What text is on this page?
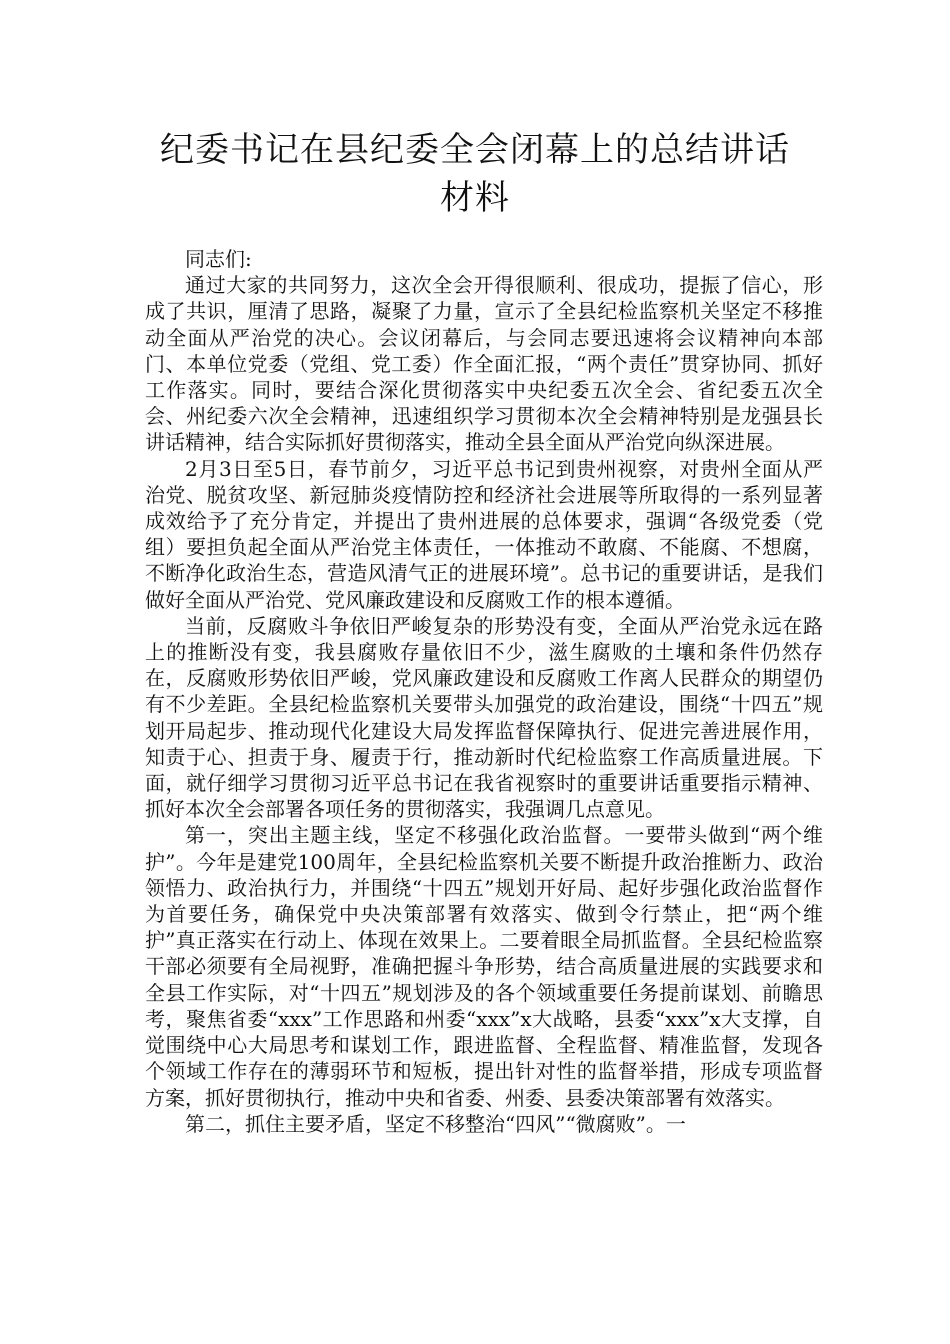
纪委书记在县纪委全会闭幕上的总结讲话
材料

同志们:

通过大家的共同努力，这次全会开得很顺利、很成功，提振了信心，形成了共识，厘清了思路，凝聚了力量，宣示了全县纪检监察机关坚定不移推动全面从严治党的决心。会议闭幕后，与会同志要迅速将会议精神向本部门、本单位党委（党组、党工委）作全面汇报，“两个责任”贯穿协同、抓好工作落实。同时，要结合深化贯彻落实中央纪委五次全会、省纪委五次全会、州纪委六次全会精神，迅速组织学习贯彻本次全会精神特别是龙强县长讲话精神，结合实际抓好贯彻落实，推动全县全面从严治党向纵深进展。

2月3日至5日，春节前夕，习近平总书记到贵州视察，对贵州全面从严治党、脱贫攻坚、新冠肺炎疫情防控和经济社会进展等所取得的一系列显著成效给予了充分肯定，并提出了贵州进展的总体要求，强调“各级党委（党组）要担负起全面从严治党主体责任，一体推动不敢腐、不能腐、不想腐，不断净化政治生态，营造风清气正的进展环境”。总书记的重要讲话，是我们做好全面从严治党、党风廉政建设和反腐败工作的根本遵循。

当前，反腐败斗争依旧严峻复杂的形势没有变，全面从严治党永远在路上的推断没有变，我县腐败存量依旧不少，滋生腐败的土壤和条件仍然存在，反腐败形势依旧严峻，党风廉政建设和反腐败工作离人民群众的期望仍有不少差距。全县纪检监察机关要带头加强党的政治建设，围绕“十四五”规划开局起步、推动现代化建设大局发挥监督保障执行、促进完善进展作用，知责于心、担责于身、履责于行，推动新时代纪检监察工作高质量进展。下面，就仔细学习贯彻习近平总书记在我省视察时的重要讲话重要指示精神、抓好本次全会部署各项任务的贯彻落实，我强调几点意见。

第一，突出主题主线，坚定不移强化政治监督。一要带头做到“两个维护”。今年是建党100周年，全县纪检监察机关要不断提升政治推断力、政治领悟力、政治执行力，并围绕“十四五”规划开好局、起好步强化政治监督作为首要任务，确保党中央决策部署有效落实、做到令行禁止，把“两个维护”真正落实在行动上、体现在效果上。二要着眼全局抓监督。全县纪检监察干部必须要有全局视野，准确把握斗争形势，结合高质量进展的实践要求和全县工作实际，对“十四五”规划涉及的各个领域重要任务提前谋划、前瞻思考，聚焦省委“xxx”工作思路和州委“xxx”x大战略，县委“xxx”x大支撑，自觉围绕中心大局思考和谋划工作，跟进监督、全程监督、精准监督，发现各个领域工作存在的薄弱环节和短板，提出针对性的监督举措，形成专项监督方案，抓好贯彻执行，推动中央和省委、州委、县委决策部署有效落实。

第二，抓住主要矛盾，坚定不移整治“四风”“微腐败”。一
